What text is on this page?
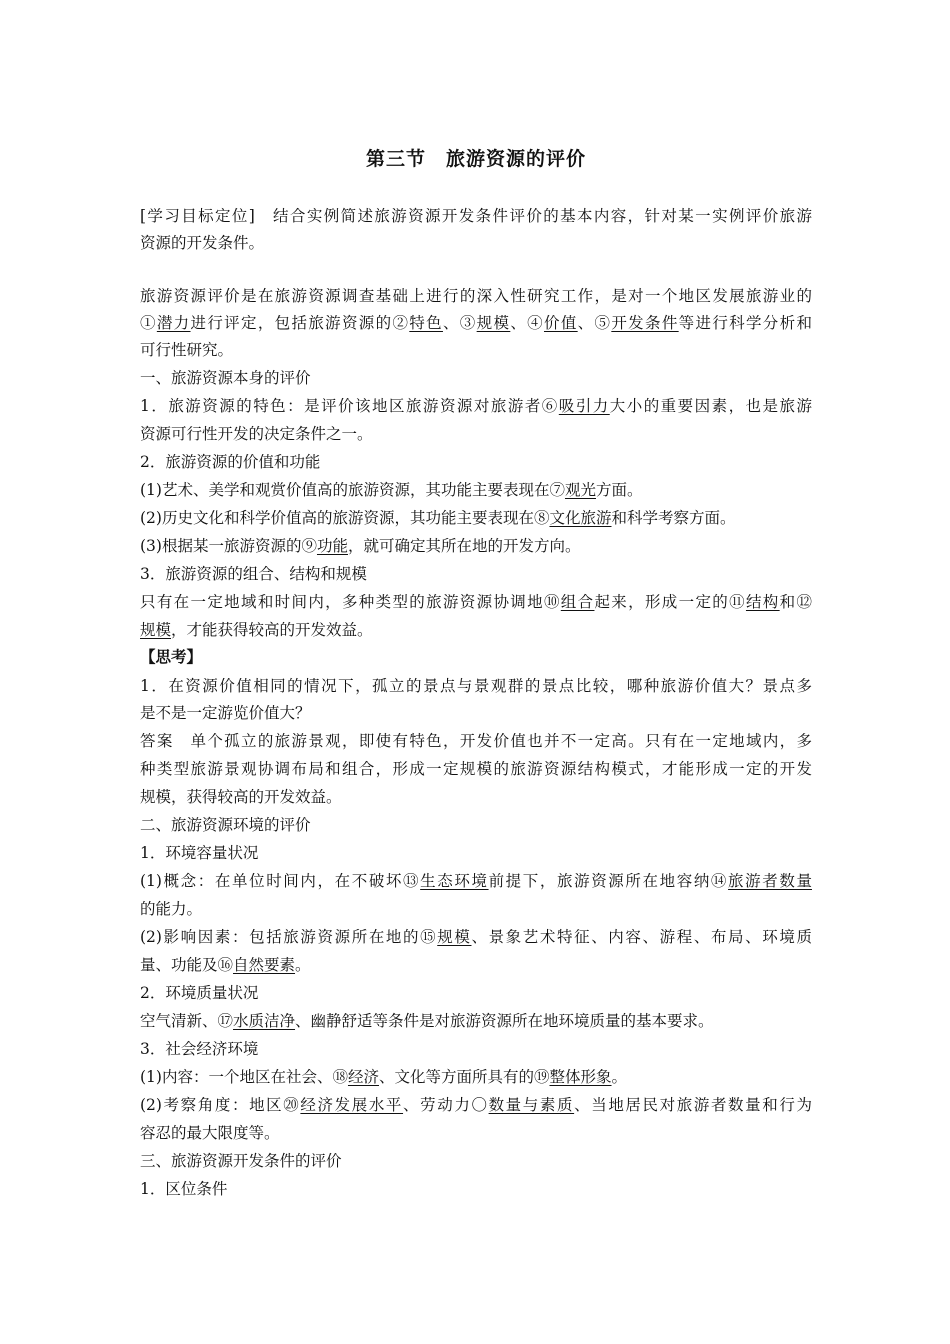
第三节　旅游资源的评价
[学习目标定位]　结合实例简述旅游资源开发条件评价的基本内容，针对某一实例评价旅游
资源的开发条件。
旅游资源评价是在旅游资源调查基础上进行的深入性研究工作，是对一个地区发展旅游业的
①潜力进行评定，包括旅游资源的②特色、③规模、④价值、⑤开发条件等进行科学分析和
可行性研究。
一、旅游资源本身的评价
1．旅游资源的特色：是评价该地区旅游资源对旅游者⑥吸引力大小的重要因素，也是旅游
资源可行性开发的决定条件之一。
2．旅游资源的价值和功能
(1)艺术、美学和观赏价值高的旅游资源，其功能主要表现在⑦观光方面。
(2)历史文化和科学价值高的旅游资源，其功能主要表现在⑧文化旅游和科学考察方面。
(3)根据某一旅游资源的⑨功能，就可确定其所在地的开发方向。
3．旅游资源的组合、结构和规模
只有在一定地域和时间内，多种类型的旅游资源协调地⑩组合起来，形成一定的⑪结构和⑫
规模，才能获得较高的开发效益。
【思考】
1．在资源价值相同的情况下，孤立的景点与景观群的景点比较，哪种旅游价值大？景点多
是不是一定游览价值大？
答案　单个孤立的旅游景观，即使有特色，开发价值也并不一定高。只有在一定地域内，多
种类型旅游景观协调布局和组合，形成一定规模的旅游资源结构模式，才能形成一定的开发
规模，获得较高的开发效益。
二、旅游资源环境的评价
1．环境容量状况
(1)概念：在单位时间内，在不破坏⑬生态环境前提下，旅游资源所在地容纳⑭旅游者数量
的能力。
(2)影响因素：包括旅游资源所在地的⑮规模、景象艺术特征、内容、游程、布局、环境质
量、功能及⑯自然要素。
2．环境质量状况
空气清新、⑰水质洁净、幽静舒适等条件是对旅游资源所在地环境质量的基本要求。
3．社会经济环境
(1)内容：一个地区在社会、⑱经济、文化等方面所具有的⑲整体形象。
(2)考察角度：地区⑳经济发展水平、劳动力〇数量与素质、当地居民对旅游者数量和行为
容忍的最大限度等。
三、旅游资源开发条件的评价
1．区位条件
